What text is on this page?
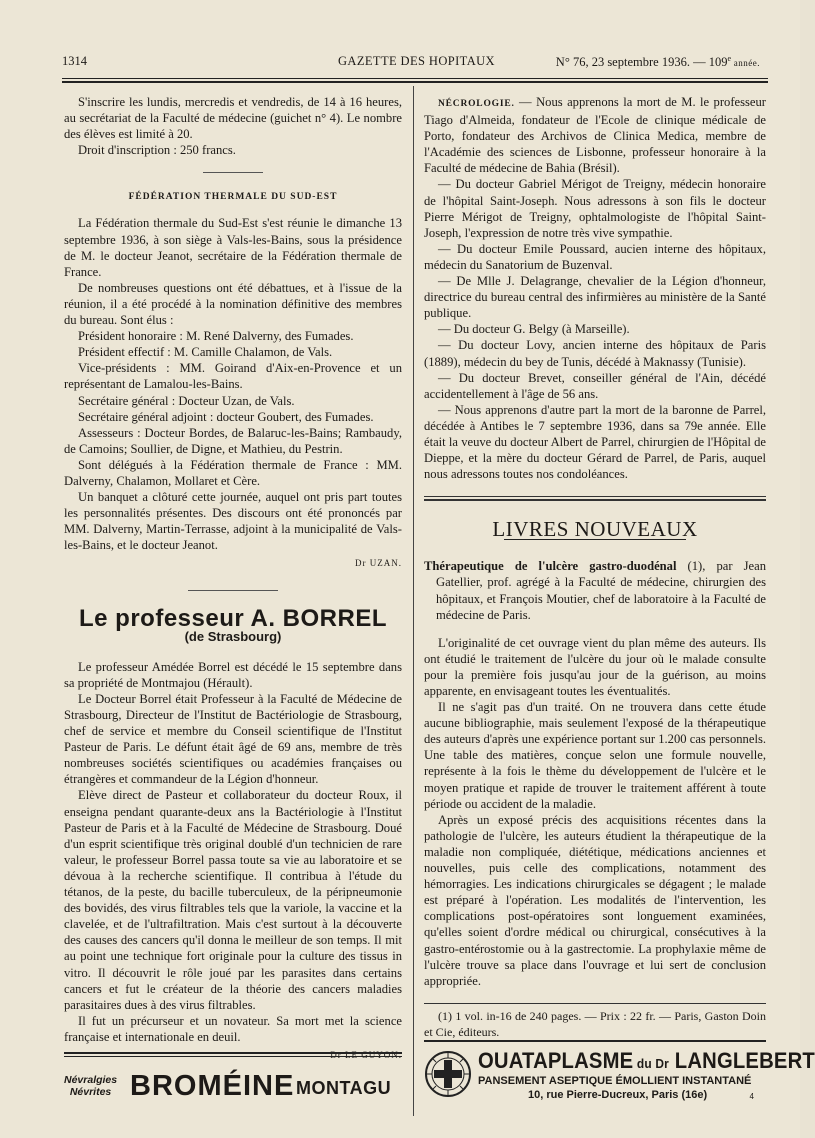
1314	GAZETTE DES HOPITAUX	N° 76, 23 septembre 1936. — 109e année.

S'inscrire les lundis, mercredis et vendredis, de 14 à 16 heures, au secrétariat de la Faculté de médecine (guichet n° 4). Le nombre des élèves est limité à 20.

Droit d'inscription : 250 francs.

FÉDÉRATION THERMALE DU SUD-EST

La Fédération thermale du Sud-Est s'est réunie le dimanche 13 septembre 1936, à son siège à Vals-les-Bains, sous la présidence de M. le docteur Jeanot, secrétaire de la Fédération thermale de France.

De nombreuses questions ont été débattues, et à l'issue de la réunion, il a été procédé à la nomination définitive des membres du bureau. Sont élus :

Président honoraire : M. René Dalverny, des Fumades.

Président effectif : M. Camille Chalamon, de Vals.

Vice-présidents : MM. Goirand d'Aix-en-Provence et un représentant de Lamalou-les-Bains.

Secrétaire général : Docteur Uzan, de Vals.

Secrétaire général adjoint : docteur Goubert, des Fumades.

Assesseurs : Docteur Bordes, de Balaruc-les-Bains; Rambaudy, de Camoins; Soullier, de Digne, et Mathieu, du Pestrin.

Sont délégués à la Fédération thermale de France : MM. Dalverny, Chalamon, Mollaret et Cère.

Un banquet a clôturé cette journée, auquel ont pris part toutes les personnalités présentes. Des discours ont été prononcés par MM. Dalverny, Martin-Terrasse, adjoint à la municipalité de Vals-les-Bains, et le docteur Jeanot.

Dr UZAN.
Le professeur A. BORREL
(de Strasbourg)

Le professeur Amédée Borrel est décédé le 15 septembre dans sa propriété de Montmajou (Hérault).

Le Docteur Borrel était Professeur à la Faculté de Médecine de Strasbourg, Directeur de l'Institut de Bactériologie de Strasbourg, chef de service et membre du Conseil scientifique de l'Institut Pasteur de Paris. Le défunt était âgé de 69 ans, membre de très nombreuses sociétés scientifiques ou académies françaises ou étrangères et commandeur de la Légion d'honneur.

Elève direct de Pasteur et collaborateur du docteur Roux, il enseigna pendant quarante-deux ans la Bactériologie à l'Institut Pasteur de Paris et à la Faculté de Médecine de Strasbourg. Doué d'un esprit scientifique très original doublé d'un technicien de rare valeur, le professeur Borrel passa toute sa vie au laboratoire et se dévoua à la recherche scientifique. Il contribua à l'étude du tétanos, de la peste, du bacille tuberculeux, de la péripneumonie des bovidés, des virus filtrables tels que la variole, la vaccine et la clavelée, et de l'ultrafiltration. Mais c'est surtout à la découverte des causes des cancers qu'il donna le meilleur de son temps. Il mit au point une technique fort originale pour la culture des tissus in vitro. Il découvrit le rôle joué par les parasites dans certains cancers et fut le créateur de la théorie des cancers maladies parasitaires dues à des virus filtrables.

Il fut un précurseur et un novateur. Sa mort met la science française et internationale en deuil.

Dr LE GUYON.

NÉCROLOGIE. — Nous apprenons la mort de M. le professeur Tiago d'Almeida, fondateur de l'Ecole de clinique médicale de Porto, fondateur des Archivos de Clinica Medica, membre de l'Académie des sciences de Lisbonne, professeur honoraire à la Faculté de médecine de Bahia (Brésil).

— Du docteur Gabriel Mérigot de Treigny, médecin honoraire de l'hôpital Saint-Joseph. Nous adressons à son fils le docteur Pierre Mérigot de Treigny, ophtalmologiste de l'hôpital Saint-Joseph, l'expression de notre très vive sympathie.

— Du docteur Emile Poussard, aucien interne des hôpitaux, médecin du Sanatorium de Buzenval.

— De Mlle J. Delagrange, chevalier de la Légion d'honneur, directrice du bureau central des infirmières au ministère de la Santé publique.

— Du docteur G. Belgy (à Marseille).

— Du docteur Lovy, ancien interne des hôpitaux de Paris (1889), médecin du bey de Tunis, décédé à Maknassy (Tunisie).

— Du docteur Brevet, conseiller général de l'Ain, décédé accidentellement à l'âge de 56 ans.

— Nous apprenons d'autre part la mort de la baronne de Parrel, décédée à Antibes le 7 septembre 1936, dans sa 79e année. Elle était la veuve du docteur Albert de Parrel, chirurgien de l'Hôpital de Dieppe, et la mère du docteur Gérard de Parrel, de Paris, auquel nous adressons toutes nos condoléances.

LIVRES NOUVEAUX

Thérapeutique de l'ulcère gastro-duodénal (1), par Jean Gatellier, prof. agrégé à la Faculté de médecine, chirurgien des hôpitaux, et François Moutier, chef de laboratoire à la Faculté de médecine de Paris.

L'originalité de cet ouvrage vient du plan même des auteurs. Ils ont étudié le traitement de l'ulcère du jour où le malade consulte pour la première fois jusqu'au jour de la guérison, au moins apparente, en envisageant toutes les éventualités.

Il ne s'agit pas d'un traité. On ne trouvera dans cette étude aucune bibliographie, mais seulement l'exposé de la thérapeutique des auteurs d'après une expérience portant sur 1.200 cas personnels. Une table des matières, conçue selon une formule nouvelle, représente à la fois le thème du développement de l'ulcère et le moyen pratique et rapide de trouver le traitement afférent à toute période ou accident de la maladie.

Après un exposé précis des acquisitions récentes dans la pathologie de l'ulcère, les auteurs étudient la thérapeutique de la maladie non compliquée, diététique, médications anciennes et nouvelles, puis celle des complications, notamment des hémorragies. Les indications chirurgicales se dégagent ; le malade est préparé à l'opération. Les modalités de l'intervention, les complications post-opératoires sont longuement examinées, qu'elles soient d'ordre médical ou chirurgical, consécutives à la gastro-entérostomie ou à la gastrectomie. La prophylaxie même de l'ulcère trouve sa place dans l'ouvrage et lui sert de conclusion appropriée.

(1) 1 vol. in-16 de 240 pages. — Prix : 22 fr. — Paris, Gaston Doin et Cie, éditeurs.

Névralgies
Névrites BROMÉINE MONTAGU
OUATAPLASME du Dr LANGLEBERT
PANSEMENT ASEPTIQUE ÉMOLLIENT INSTANTANÉ
10, rue Pierre-Ducreux, Paris (16e)	4
